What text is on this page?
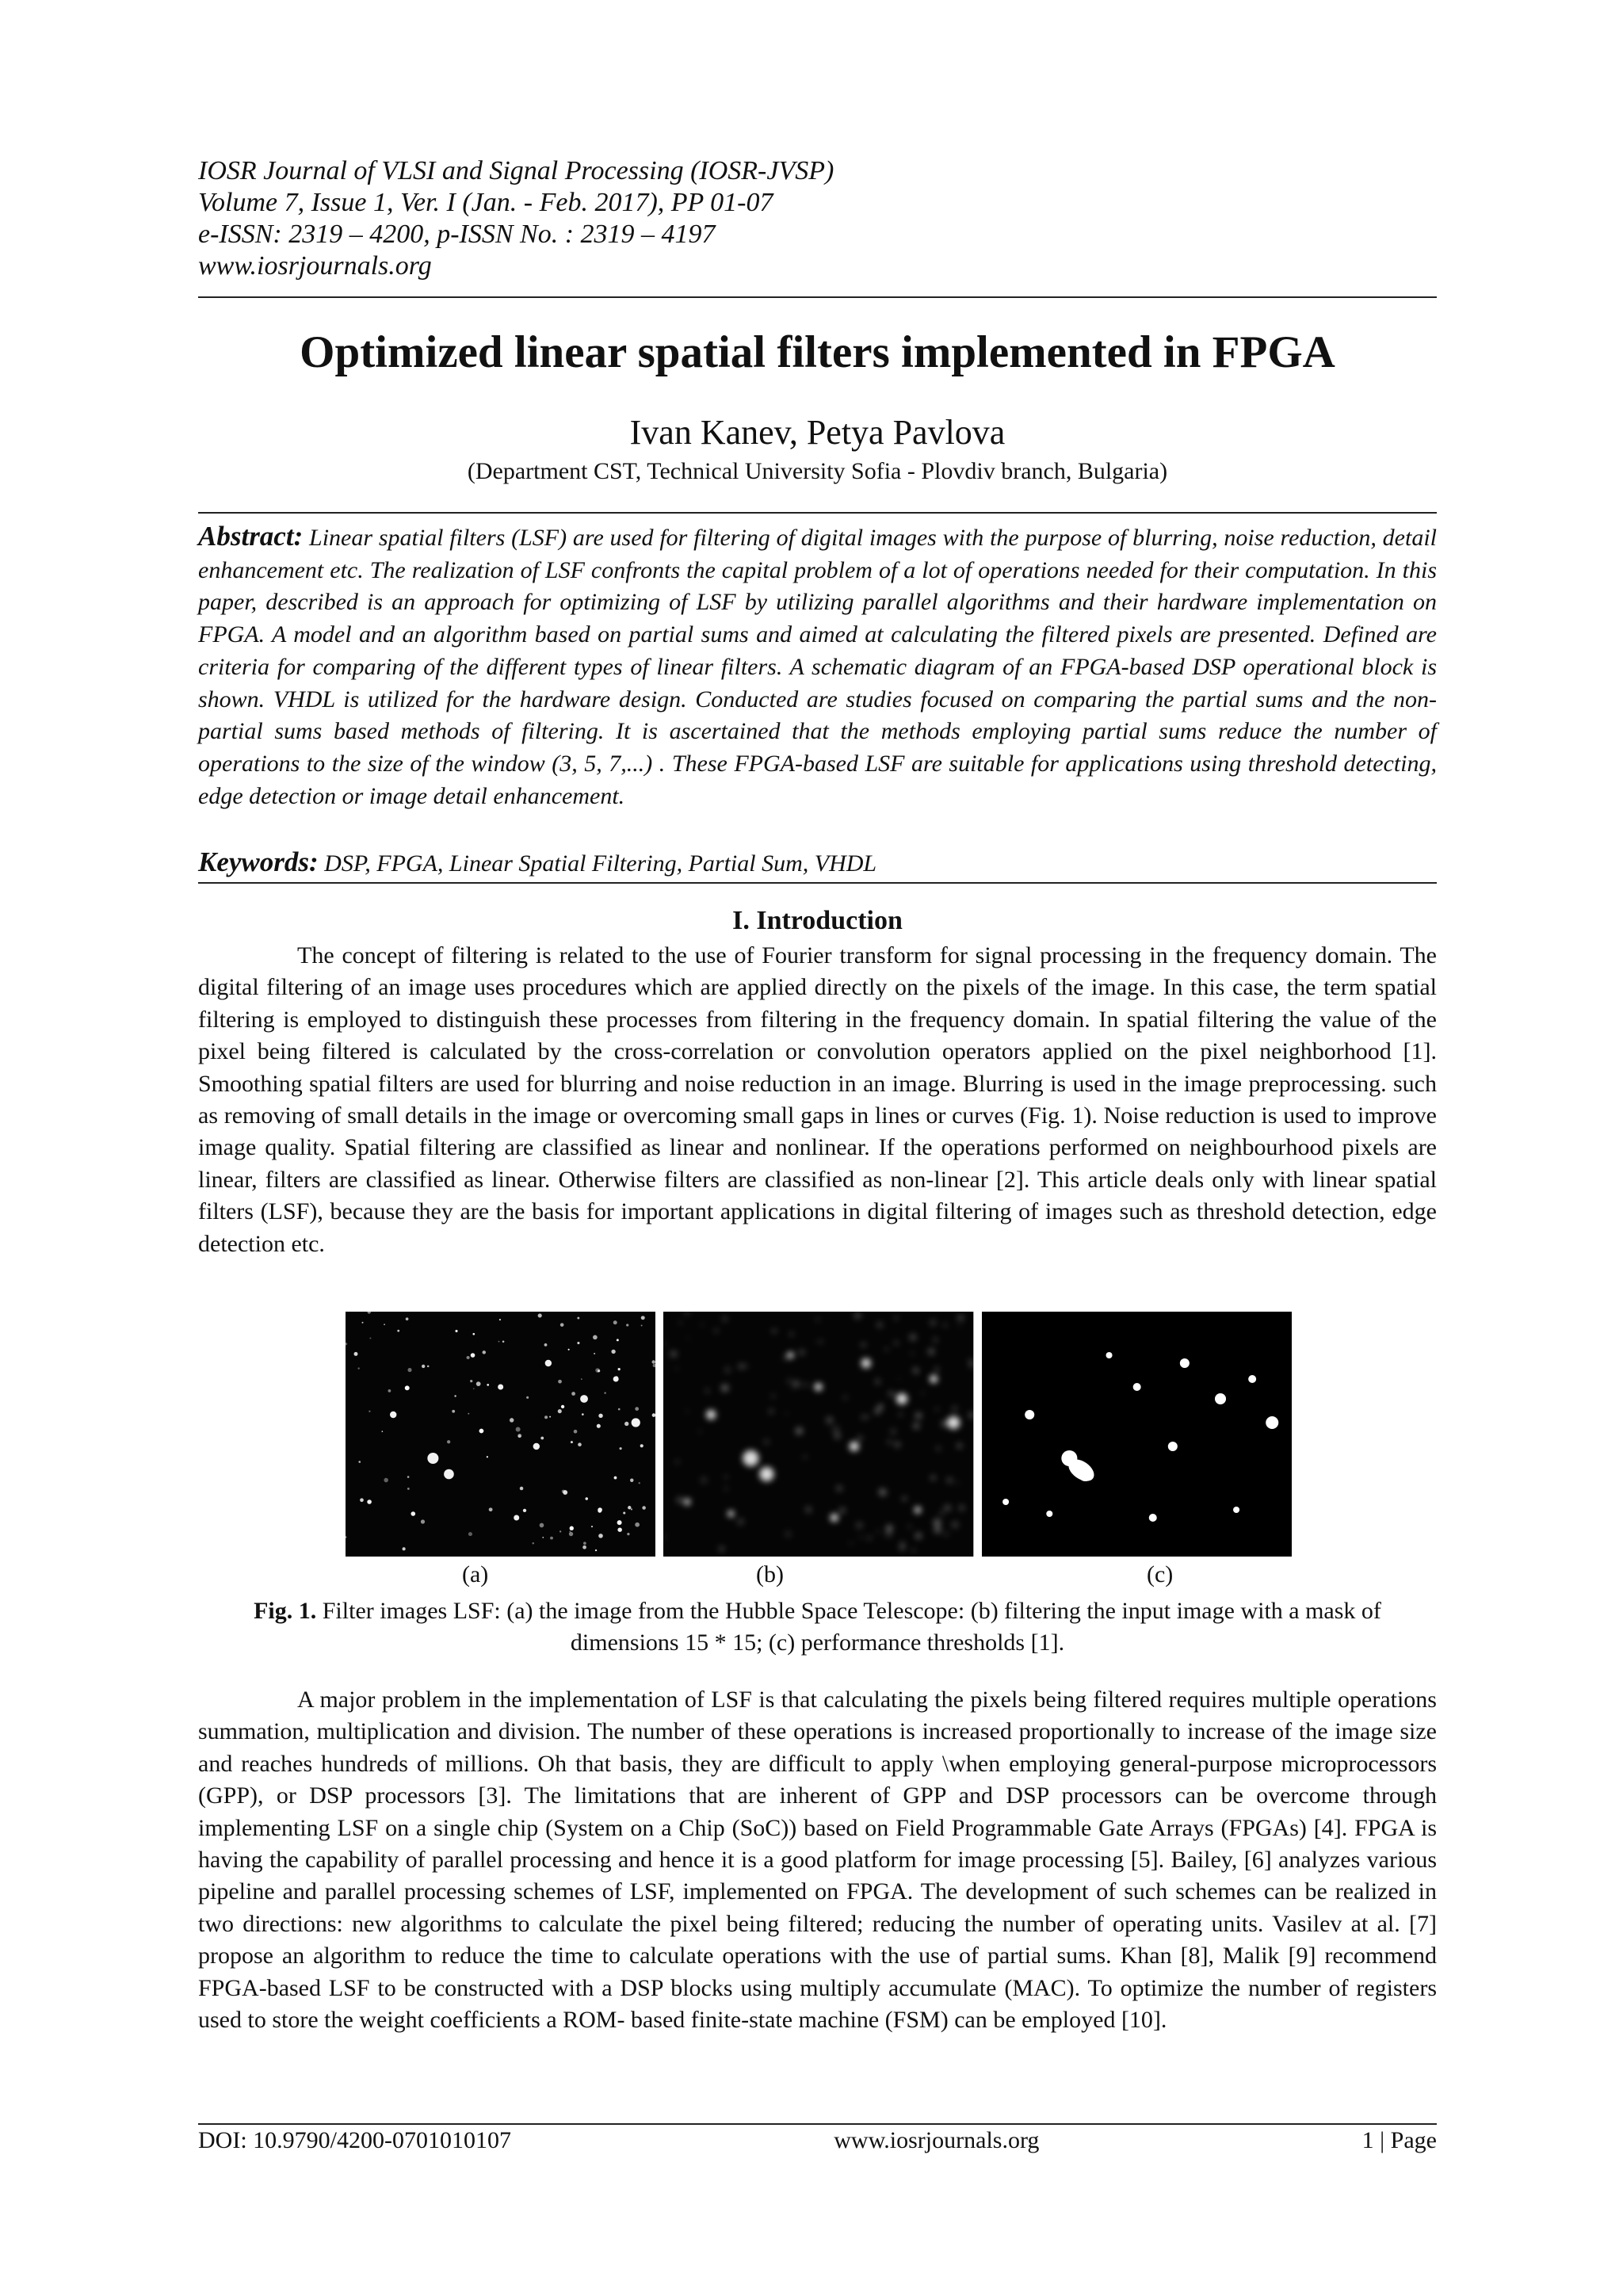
IOSR Journal of VLSI and Signal Processing (IOSR-JVSP)
Volume 7, Issue 1, Ver. I (Jan. - Feb. 2017), PP 01-07
e-ISSN: 2319 – 4200, p-ISSN No. : 2319 – 4197
www.iosrjournals.org
Optimized linear spatial filters implemented in FPGA
Ivan Kanev, Petya Pavlova
(Department CST, Technical University Sofia - Plovdiv branch, Bulgaria)
Abstract: Linear spatial filters (LSF) are used for filtering of digital images with the purpose of blurring, noise reduction, detail enhancement etc. The realization of LSF confronts the capital problem of a lot of operations needed for their computation. In this paper, described is an approach for optimizing of LSF by utilizing parallel algorithms and their hardware implementation on FPGA. A model and an algorithm based on partial sums and aimed at calculating the filtered pixels are presented. Defined are criteria for comparing of the different types of linear filters. A schematic diagram of an FPGA-based DSP operational block is shown. VHDL is utilized for the hardware design. Conducted are studies focused on comparing the partial sums and the non-partial sums based methods of filtering. It is ascertained that the methods employing partial sums reduce the number of operations to the size of the window (3, 5, 7,...) . These FPGA-based LSF are suitable for applications using threshold detecting, edge detection or image detail enhancement.
Keywords: DSP, FPGA, Linear Spatial Filtering, Partial Sum, VHDL
I. Introduction
The concept of filtering is related to the use of Fourier transform for signal processing in the frequency domain. The digital filtering of an image uses procedures which are applied directly on the pixels of the image. In this case, the term spatial filtering is employed to distinguish these processes from filtering in the frequency domain. In spatial filtering the value of the pixel being filtered is calculated by the cross-correlation or convolution operators applied on the pixel neighborhood [1]. Smoothing spatial filters are used for blurring and noise reduction in an image. Blurring is used in the image preprocessing. such as removing of small details in the image or overcoming small gaps in lines or curves (Fig. 1). Noise reduction is used to improve image quality. Spatial filtering are classified as linear and nonlinear. If the operations performed on neighbourhood pixels are linear, filters are classified as linear. Otherwise filters are classified as non-linear [2]. This article deals only with linear spatial filters (LSF), because they are the basis for important applications in digital filtering of images such as threshold detection, edge detection etc.
(a)	(b)	(c)
Fig. 1. Filter images LSF: (a) the image from the Hubble Space Telescope: (b) filtering the input image with a mask of dimensions 15 * 15; (c) performance thresholds [1].
A major problem in the implementation of LSF is that calculating the pixels being filtered requires multiple operations summation, multiplication and division. The number of these operations is increased proportionally to increase of the image size and reaches hundreds of millions. Oh that basis, they are difficult to apply \when employing general-purpose microprocessors (GPP), or DSP processors [3]. The limitations that are inherent of GPP and DSP processors can be overcome through implementing LSF on a single chip (System on a Chip (SoC)) based on Field Programmable Gate Arrays (FPGAs) [4]. FPGA is having the capability of parallel processing and hence it is a good platform for image processing [5]. Bailey, [6] analyzes various pipeline and parallel processing schemes of LSF, implemented on FPGA. The development of such schemes can be realized in two directions: new algorithms to calculate the pixel being filtered; reducing the number of operating units. Vasilev at al. [7] propose an algorithm to reduce the time to calculate operations with the use of partial sums. Khan [8], Malik [9] recommend FPGA-based LSF to be constructed with a DSP blocks using multiply accumulate (MAC). To optimize the number of registers used to store the weight coefficients a ROM- based finite-state machine (FSM) can be employed [10].
DOI: 10.9790/4200-0701010107	www.iosrjournals.org	1 | Page
